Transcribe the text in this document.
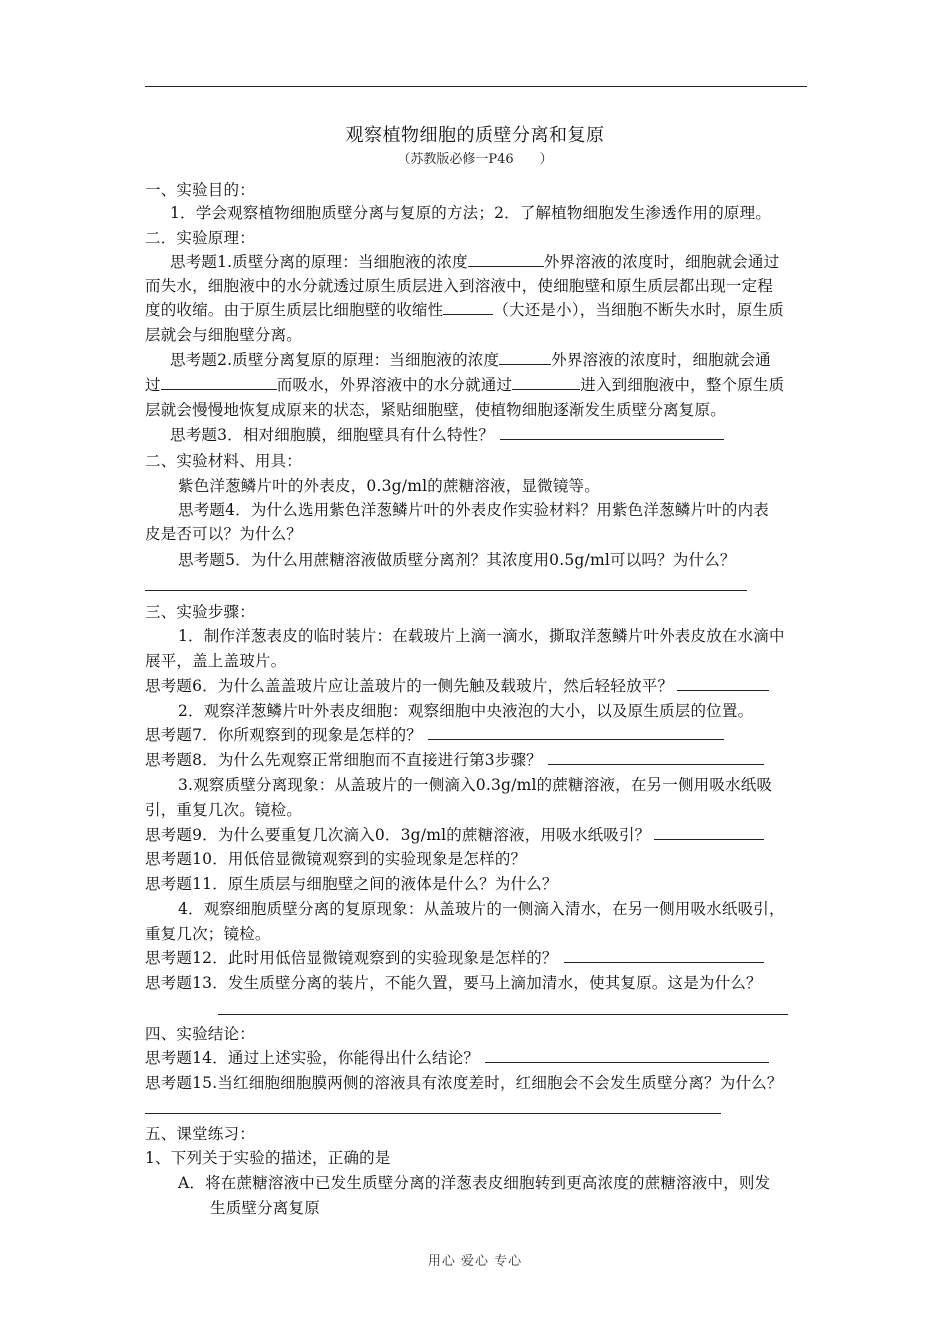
观察植物细胞的质壁分离和复原
（苏教版必修一P46　　）
一、实验目的：
1．学会观察植物细胞质壁分离与复原的方法；2．了解植物细胞发生渗透作用的原理。
二．实验原理：
思考题1.质壁分离的原理：当细胞液的浓度	外界溶液的浓度时，细胞就会通过
而失水，细胞液中的水分就透过原生质层进入到溶液中，使细胞壁和原生质层都出现一定程
度的收缩。由于原生质层比细胞壁的收缩性	（大还是小），当细胞不断失水时，原生质
层就会与细胞壁分离。
思考题2.质壁分离复原的原理：当细胞液的浓度	外界溶液的浓度时，细胞就会通
过	而吸水，外界溶液中的水分就通过	进入到细胞液中，整个原生质
层就会慢慢地恢复成原来的状态，紧贴细胞壁，使植物细胞逐渐发生质壁分离复原。
思考题3．相对细胞膜，细胞壁具有什么特性？
二、实验材料、用具：
紫色洋葱鳞片叶的外表皮，0.3g/ml的蔗糖溶液，显微镜等。
思考题4．为什么选用紫色洋葱鳞片叶的外表皮作实验材料？用紫色洋葱鳞片叶的内表
皮是否可以？为什么？
思考题5．为什么用蔗糖溶液做质壁分离剂？其浓度用0.5g/ml可以吗？为什么？
三、实验步骤：
1．制作洋葱表皮的临时装片：在载玻片上滴一滴水，撕取洋葱鳞片叶外表皮放在水滴中
展平，盖上盖玻片。
思考题6．为什么盖盖玻片应让盖玻片的一侧先触及载玻片，然后轻轻放平？
2．观察洋葱鳞片叶外表皮细胞：观察细胞中央液泡的大小，以及原生质层的位置。
思考题7．你所观察到的现象是怎样的？
思考题8．为什么先观察正常细胞而不直接进行第3步骤？
3.观察质壁分离现象：从盖玻片的一侧滴入0.3g/ml的蔗糖溶液，在另一侧用吸水纸吸
引，重复几次。镜检。
思考题9．为什么要重复几次滴入0．3g/ml的蔗糖溶液，用吸水纸吸引？
思考题10．用低倍显微镜观察到的实验现象是怎样的？
思考题11．原生质层与细胞壁之间的液体是什么？为什么？
4．观察细胞质壁分离的复原现象：从盖玻片的一侧滴入清水，在另一侧用吸水纸吸引，
重复几次；镜检。
思考题12．此时用低倍显微镜观察到的实验现象是怎样的？
思考题13．发生质壁分离的装片，不能久置，要马上滴加清水，使其复原。这是为什么？
四、实验结论：
思考题14．通过上述实验，你能得出什么结论？
思考题15.当红细胞细胞膜两侧的溶液具有浓度差时，红细胞会不会发生质壁分离？为什么？
五、课堂练习：
1、下列关于实验的描述，正确的是
A．将在蔗糖溶液中已发生质壁分离的洋葱表皮细胞转到更高浓度的蔗糖溶液中，则发
生质壁分离复原
用心 爱心 专心
